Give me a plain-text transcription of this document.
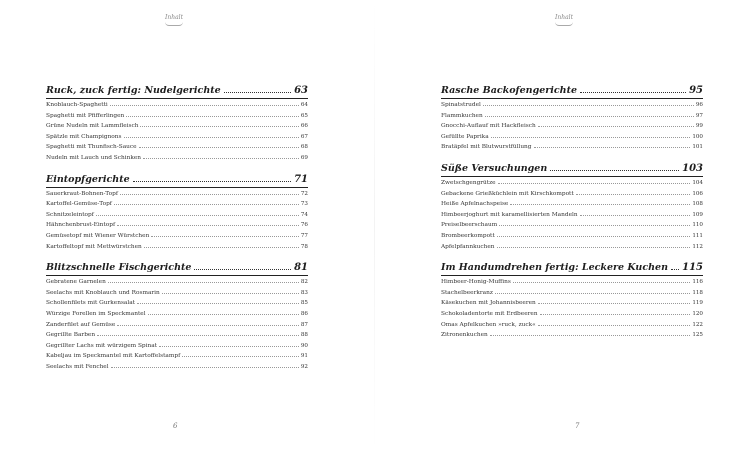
Inhalt
Ruck, zuck fertig: Nudelgerichte	63
Knoblauch-Spaghetti	64
Spaghetti mit Pfifferlingen	65
Grüne Nudeln mit Lammfleisch	66
Spätzle mit Champignons	67
Spaghetti mit Thunfisch-Sauce	68
Nudeln mit Lauch und Schinken	69
Eintopfgerichte	71
Sauerkraut-Bohnen-Topf	72
Kartoffel-Gemüse-Topf	73
Schnitzeleintopf	74
Hähnchenbrust-Eintopf	76
Gemüsetopf mit Wiener Würstchen	77
Kartoffeltopf mit Mettwürstchen	78
Blitzschnelle Fischgerichte	81
Gebratene Garnelen	82
Seelachs mit Knoblauch und Rosmarin	83
Schollenfilets mit Gurkensalat	85
Würzige Forellen im Speckmantel	86
Zanderfilet auf Gemüse	87
Gegrillte Barben	88
Gegrillter Lachs mit würzigem Spinat	90
Kabeljau im Speckmantel mit Kartoffelstampf	91
Seelachs mit Fenchel	92
6
Inhalt
Rasche Backofengerichte	95
Spinatstrudel	96
Flammkuchen	97
Gnocchi-Auflauf mit Hackfleisch	99
Gefüllte Paprika	100
Bratäpfel mit Blutwurstfüllung	101
Süße Versuchungen	103
Zwetschgengrütze	104
Gebackene Grießküchlein mit Kirschkompott	106
Heiße Apfelnachspeise	108
Himbeerjoghurt mit karamellisierten Mandeln	109
Preiselbeerschaum	110
Brombeerkompott	111
Apfelpfannkuchen	112
Im Handumdrehen fertig: Leckere Kuchen 115
Himbeer-Honig-Muffins	116
Stachelbeerkranz	118
Käsekuchen mit Johannisbeeren	119
Schokoladentorte mit Erdbeeren	120
Omas Apfelkuchen »ruck, zuck«	122
Zitronenkuchen	125
7
